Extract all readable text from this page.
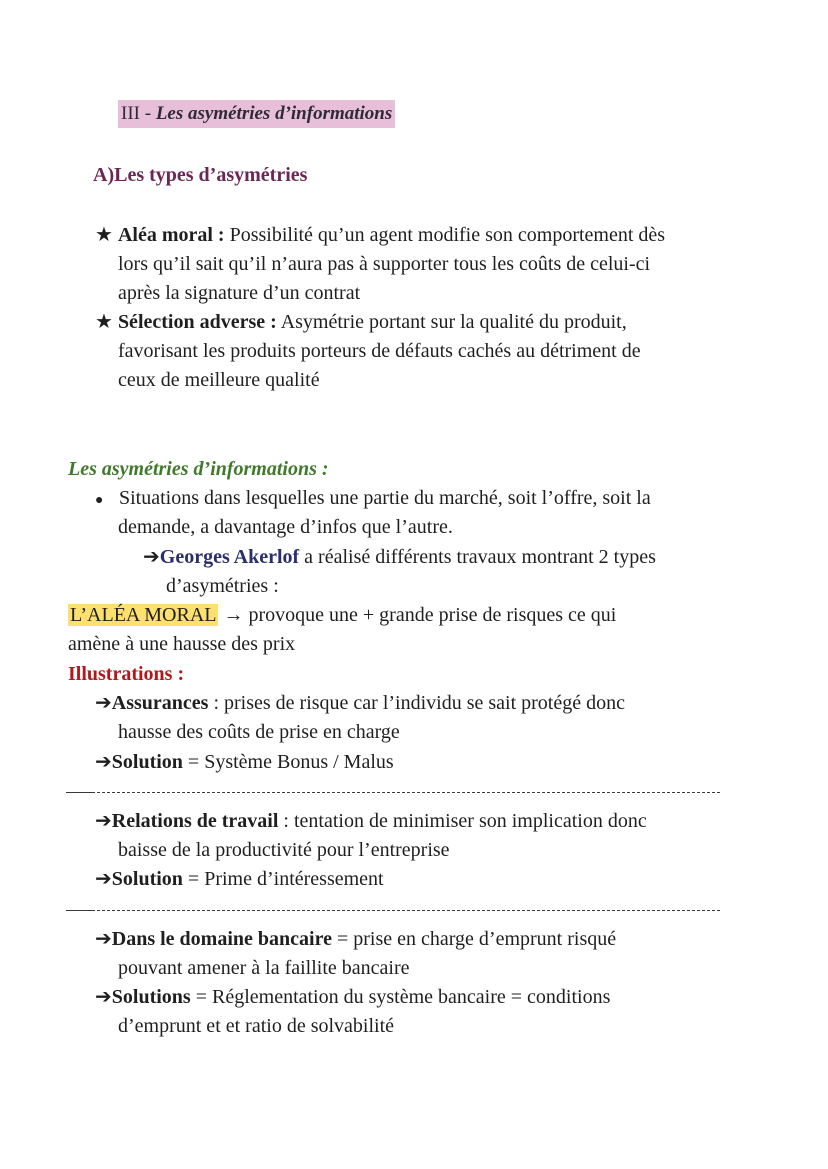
III - Les asymétries d’informations
A)Les types d’asymétries
★ Aléa moral : Possibilité qu’un agent modifie son comportement dès
lors qu’il sait qu’il n’aura pas à supporter tous les coûts de celui-ci
après la signature d’un contrat
★ Sélection adverse : Asymétrie portant sur la qualité du produit,
favorisant les produits porteurs de défauts cachés au détriment de
ceux de meilleure qualité
Les asymétries d’informations :
● Situations dans lesquelles une partie du marché, soit l’offre, soit la
demande, a davantage d’infos que l’autre.
➔Georges Akerlof a réalisé différents travaux montrant 2 types
d’asymétries :
L’ALÉA MORAL → provoque une + grande prise de risques ce qui
amène à une hausse des prix
Illustrations :
➔Assurances : prises de risque car l’individu se sait protégé donc
hausse des coûts de prise en charge
➔Solution = Système Bonus / Malus
➔Relations de travail : tentation de minimiser son implication donc
baisse de la productivité pour l’entreprise
➔Solution = Prime d’intéressement
➔Dans le domaine bancaire = prise en charge d’emprunt risqué
pouvant amener à la faillite bancaire
➔Solutions = Réglementation du système bancaire = conditions
d’emprunt et et ratio de solvabilité
